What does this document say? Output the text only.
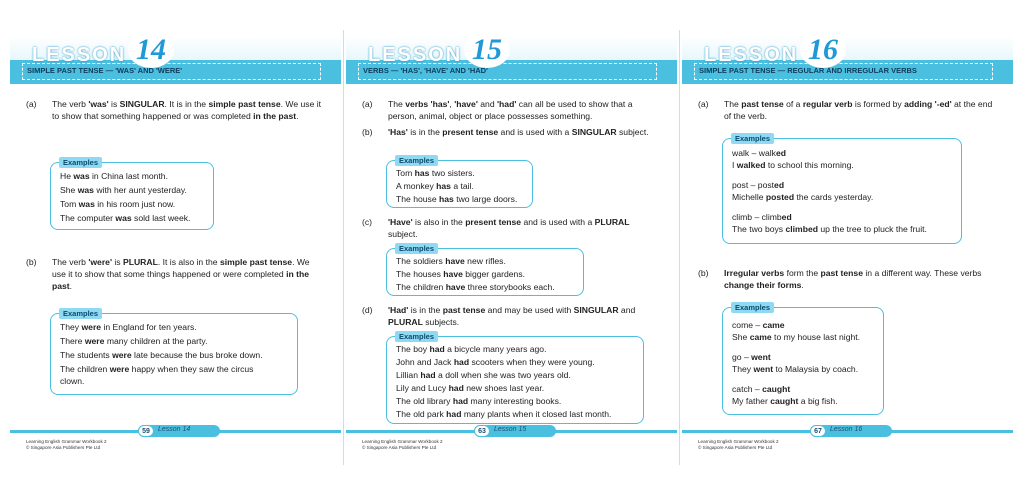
LESSON 14
SIMPLE PAST TENSE — 'WAS' AND 'WERE'
(a) The verb 'was' is SINGULAR. It is in the simple past tense. We use it to show that something happened or was completed in the past.
Examples
He was in China last month.
She was with her aunt yesterday.
Tom was in his room just now.
The computer was sold last week.
(b) The verb 'were' is PLURAL. It is also in the simple past tense. We use it to show that some things happened or were completed in the past.
Examples
They were in England for ten years.
There were many children at the party.
The students were late because the bus broke down.
The children were happy when they saw the circus
clown.
59	Lesson 14
Learning English Grammar Workbook 2
© Singapore Asia Publishers Pte Ltd
LESSON 15
VERBS — 'HAS', 'HAVE' AND 'HAD'
(a) The verbs 'has', 'have' and 'had' can all be used to show that a person, animal, object or place possesses something.
(b) 'Has' is in the present tense and is used with a SINGULAR subject.
Examples
Tom has two sisters.
A monkey has a tail.
The house has two large doors.
(c) 'Have' is also in the present tense and is used with a PLURAL subject.
Examples
The soldiers have new rifles.
The houses have bigger gardens.
The children have three storybooks each.
(d) 'Had' is in the past tense and may be used with SINGULAR and PLURAL subjects.
Examples
The boy had a bicycle many years ago.
John and Jack had scooters when they were young.
Lillian had a doll when she was two years old.
Lily and Lucy had new shoes last year.
The old library had many interesting books.
The old park had many plants when it closed last month.
63	Lesson 15
Learning English Grammar Workbook 2
© Singapore Asia Publishers Pte Ltd
LESSON 16
SIMPLE PAST TENSE — REGULAR AND IRREGULAR VERBS
(a) The past tense of a regular verb is formed by adding '-ed' at the end of the verb.
Examples
walk – walked
I walked to school this morning.
post – posted
Michelle posted the cards yesterday.
climb – climbed
The two boys climbed up the tree to pluck the fruit.
(b) Irregular verbs form the past tense in a different way. These verbs change their forms.
Examples
come – came
She came to my house last night.
go – went
They went to Malaysia by coach.
catch – caught
My father caught a big fish.
67	Lesson 16
Learning English Grammar Workbook 2
© Singapore Asia Publishers Pte Ltd
